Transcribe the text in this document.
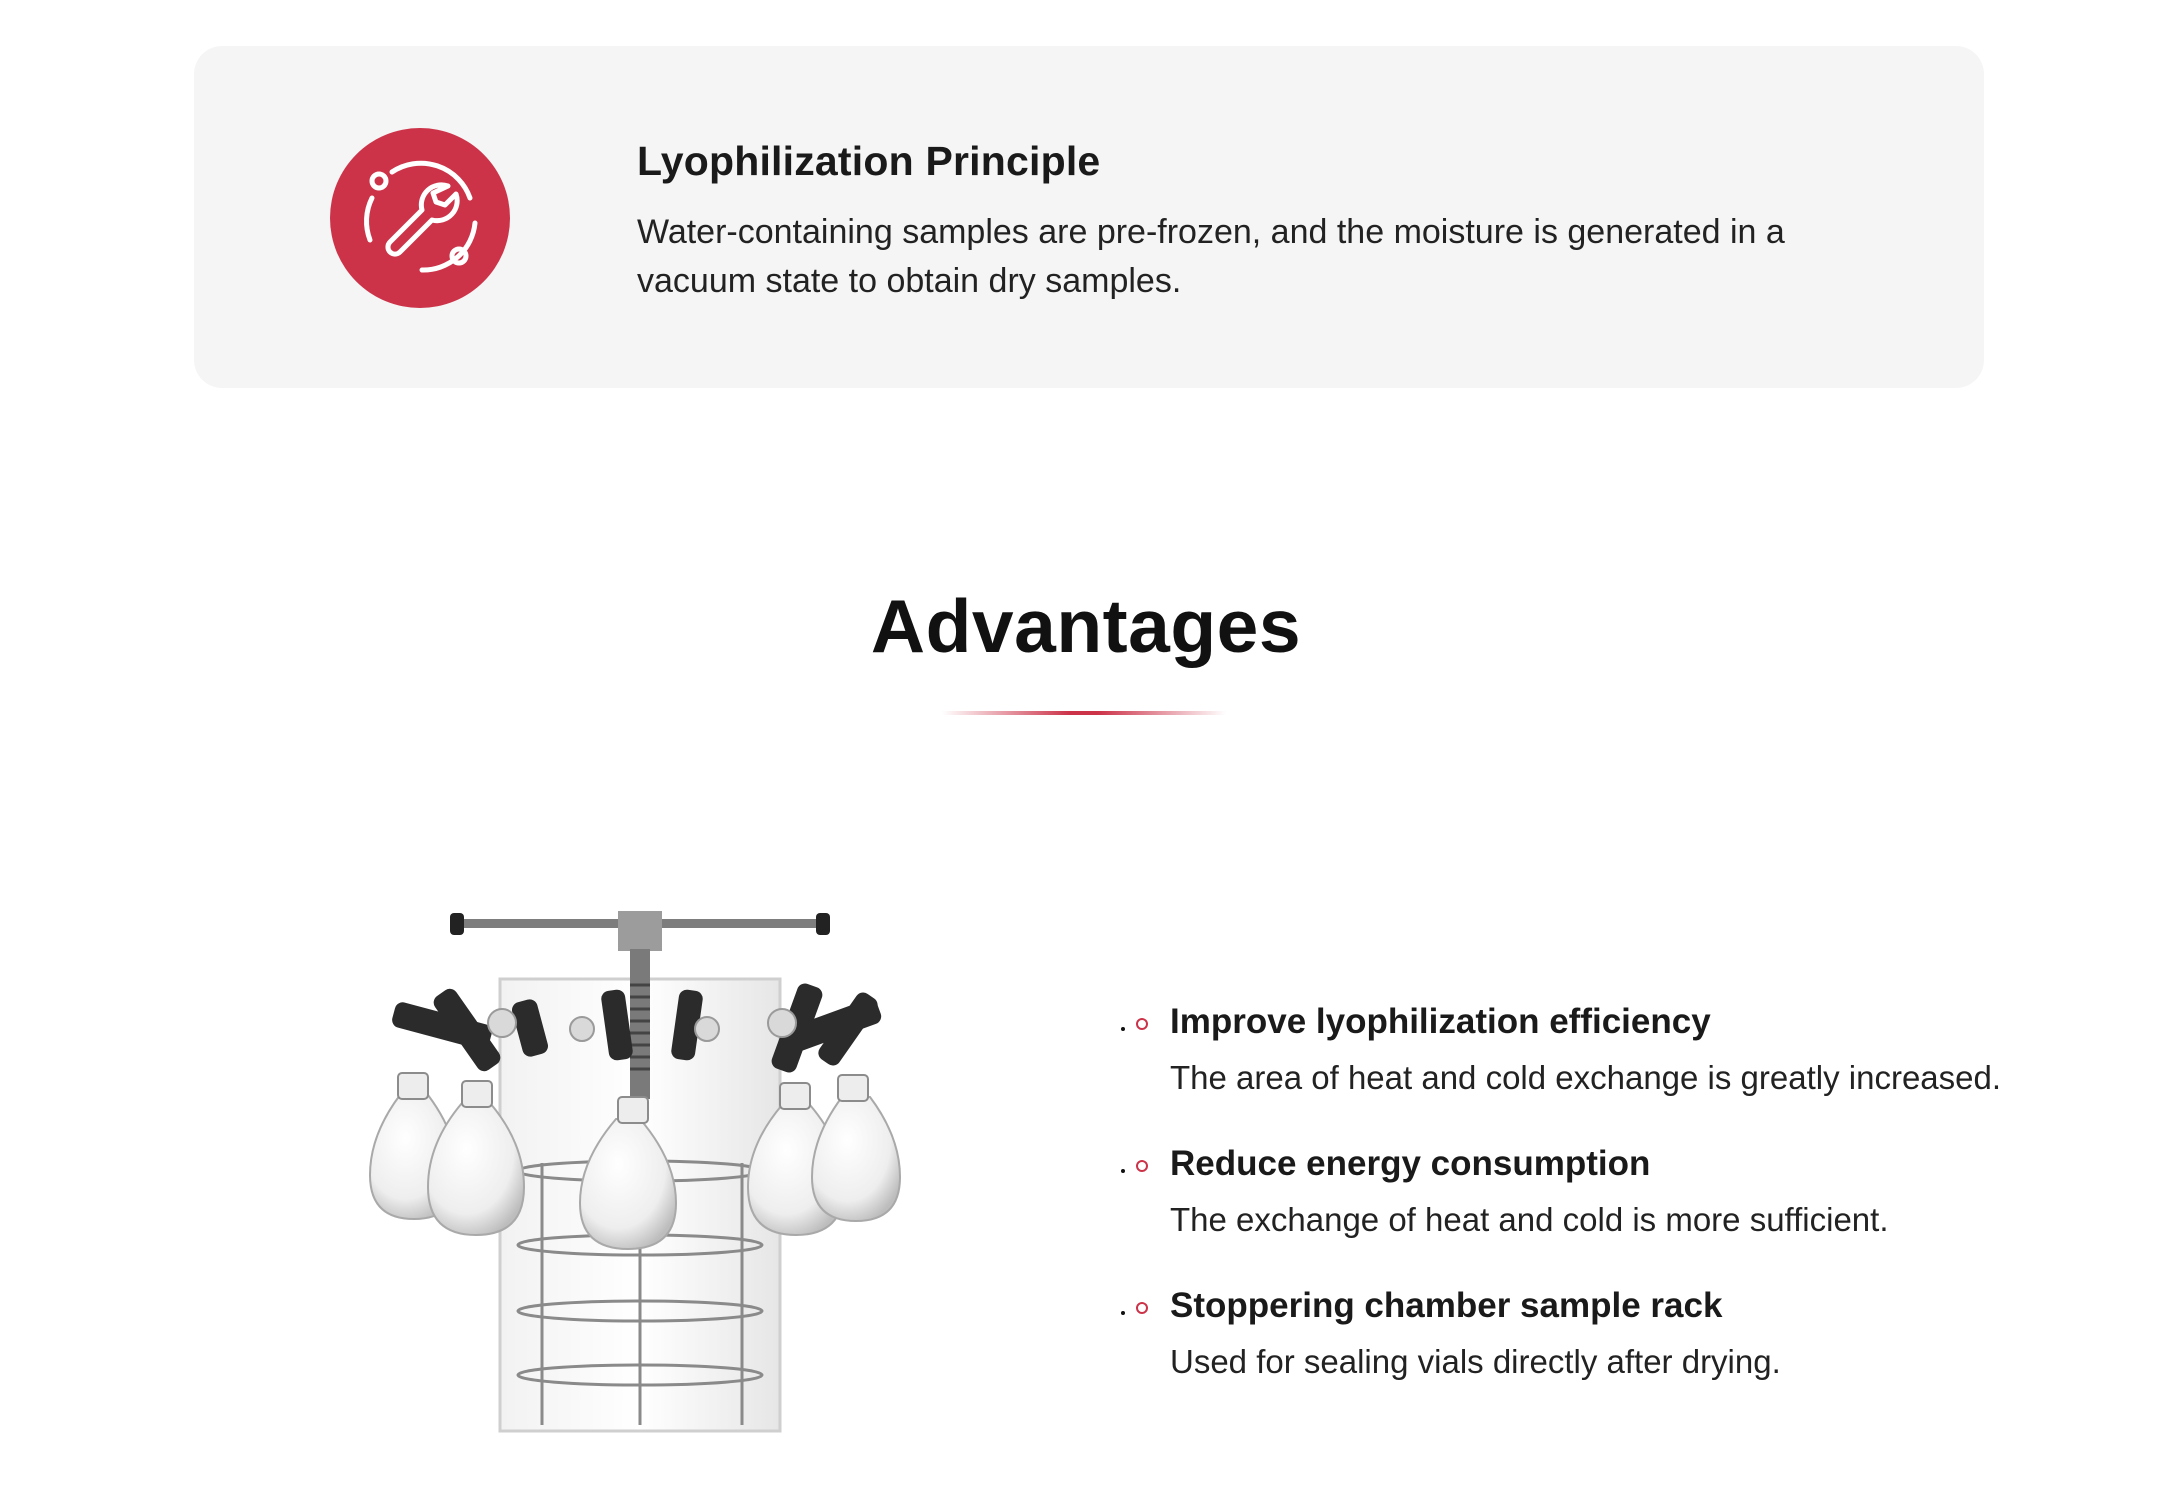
Lyophilization Principle

Water-containing samples are pre-frozen, and the moisture is generated in a vacuum state to obtain dry samples.

Advantages
• Improve lyophilization efficiency
The area of heat and cold exchange is greatly increased.
• Reduce energy consumption
The exchange of heat and cold is more sufficient.
• Stoppering chamber sample rack
Used for sealing vials directly after drying.
